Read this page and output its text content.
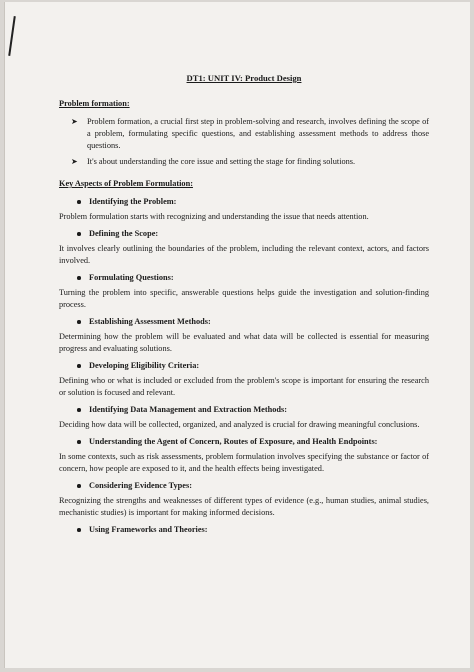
DT1: UNIT IV: Product Design
Problem formation:
➤ Problem formation, a crucial first step in problem-solving and research, involves defining the scope of a problem, formulating specific questions, and establishing assessment methods to address those questions.
➤ It's about understanding the core issue and setting the stage for finding solutions.
Key Aspects of Problem Formulation:
Identifying the Problem:

Problem formulation starts with recognizing and understanding the issue that needs attention.

Defining the Scope:

It involves clearly outlining the boundaries of the problem, including the relevant context, actors, and factors involved.

Formulating Questions:

Turning the problem into specific, answerable questions helps guide the investigation and solution-finding process.

Establishing Assessment Methods:

Determining how the problem will be evaluated and what data will be collected is essential for measuring progress and evaluating solutions.

Developing Eligibility Criteria:

Defining who or what is included or excluded from the problem's scope is important for ensuring the research or solution is focused and relevant.

Identifying Data Management and Extraction Methods:

Deciding how data will be collected, organized, and analyzed is crucial for drawing meaningful conclusions.

Understanding the Agent of Concern, Routes of Exposure, and Health Endpoints:

In some contexts, such as risk assessments, problem formulation involves specifying the substance or factor of concern, how people are exposed to it, and the health effects being investigated.

Considering Evidence Types:

Recognizing the strengths and weaknesses of different types of evidence (e.g., human studies, animal studies, mechanistic studies) is important for making informed decisions.

Using Frameworks and Theories:
